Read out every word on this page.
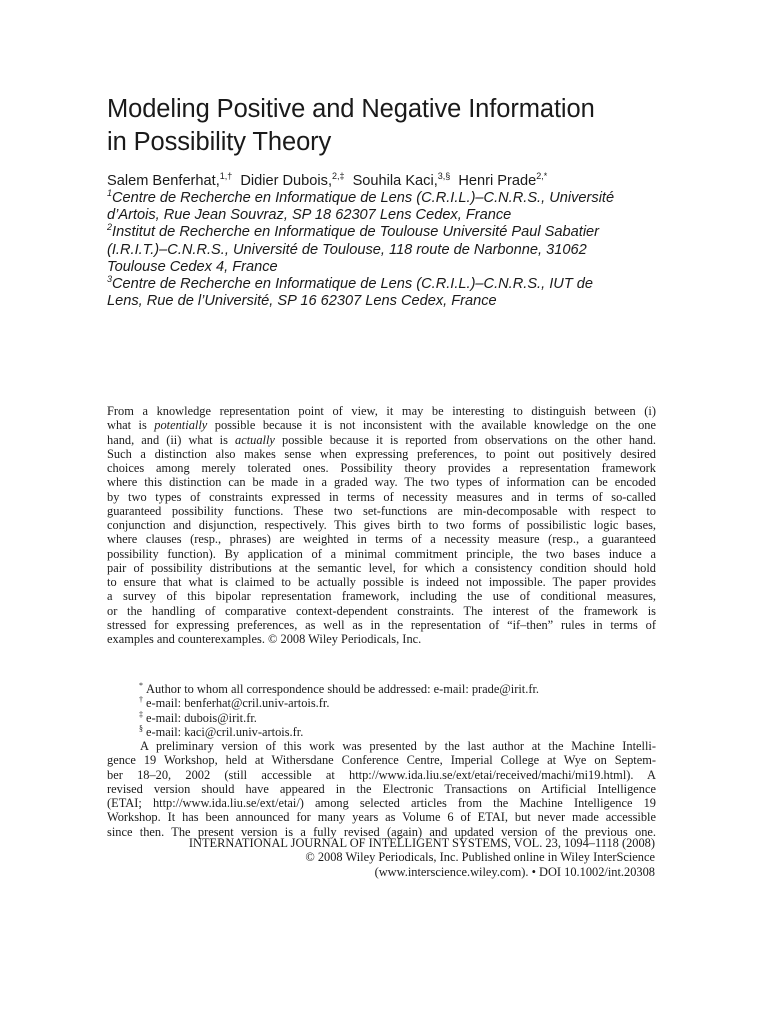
Modeling Positive and Negative Information
in Possibility Theory
Salem Benferhat,$^{1,\dagger}$ Didier Dubois,$^{2,\ddagger}$ Souhila Kaci,$^{3,\S}$ Henri Prade$^{2,*}$
$^1$Centre de Recherche en Informatique de Lens (C.R.I.L.)–C.N.R.S., Université
d’Artois, Rue Jean Souvraz, SP 18 62307 Lens Cedex, France
$^2$Institut de Recherche en Informatique de Toulouse Université Paul Sabatier
(I.R.I.T.)–C.N.R.S., Université de Toulouse, 118 route de Narbonne, 31062
Toulouse Cedex 4, France
$^3$Centre de Recherche en Informatique de Lens (C.R.I.L.)–C.N.R.S., IUT de
Lens, Rue de l’Université, SP 16 62307 Lens Cedex, France
From a knowledge representation point of view, it may be interesting to distinguish between (i)
what is potentially possible because it is not inconsistent with the available knowledge on the one
hand, and (ii) what is actually possible because it is reported from observations on the other hand.
Such a distinction also makes sense when expressing preferences, to point out positively desired
choices among merely tolerated ones. Possibility theory provides a representation framework
where this distinction can be made in a graded way. The two types of information can be encoded
by two types of constraints expressed in terms of necessity measures and in terms of so-called
guaranteed possibility functions. These two set-functions are min-decomposable with respect to
conjunction and disjunction, respectively. This gives birth to two forms of possibilistic logic bases,
where clauses (resp., phrases) are weighted in terms of a necessity measure (resp., a guaranteed
possibility function). By application of a minimal commitment principle, the two bases induce a
pair of possibility distributions at the semantic level, for which a consistency condition should hold
to ensure that what is claimed to be actually possible is indeed not impossible. The paper provides
a survey of this bipolar representation framework, including the use of conditional measures,
or the handling of comparative context-dependent constraints. The interest of the framework is
stressed for expressing preferences, as well as in the representation of “if–then” rules in terms of
examples and counterexamples. © 2008 Wiley Periodicals, Inc.
* Author to whom all correspondence should be addressed: e-mail: prade@irit.fr.
† e-mail: benferhat@cril.univ-artois.fr.
‡ e-mail: dubois@irit.fr.
§ e-mail: kaci@cril.univ-artois.fr.
A preliminary version of this work was presented by the last author at the Machine Intelli-
gence 19 Workshop, held at Withersdane Conference Centre, Imperial College at Wye on Septem-
ber 18–20, 2002 (still accessible at http://www.ida.liu.se/ext/etai/received/machi/mi19.html). A
revised version should have appeared in the Electronic Transactions on Artificial Intelligence
(ETAI; http://www.ida.liu.se/ext/etai/) among selected articles from the Machine Intelligence 19
Workshop. It has been announced for many years as Volume 6 of ETAI, but never made accessible
since then. The present version is a fully revised (again) and updated version of the previous one.
INTERNATIONAL JOURNAL OF INTELLIGENT SYSTEMS, VOL. 23, 1094–1118 (2008)
© 2008 Wiley Periodicals, Inc. Published online in Wiley InterScience
(www.interscience.wiley.com). • DOI 10.1002/int.20308
